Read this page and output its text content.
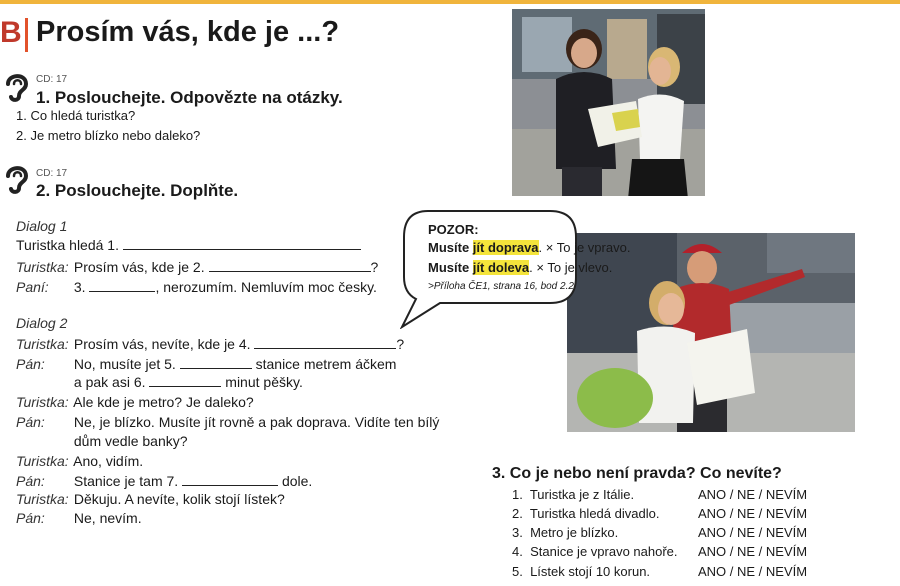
B Prosím vás, kde je ...?
CD: 17
1. Poslouchejte. Odpovězte na otázky.
1. Co hledá turistka?
2. Je metro blízko nebo daleko?
CD: 17
2. Poslouchejte. Doplňte.
Dialog 1
Turistka hledá 1.
Turistka: Prosím vás, kde je 2.	?
Paní: 3.	, nerozumím. Nemluvím moc česky.
Dialog 2
Turistka: Prosím vás, nevíte, kde je 4.	?
Pán: No, musíte jet 5.	stanice metrem áčkem
a pak asi 6.	minut pěšky.
Turistka: Ale kde je metro? Je daleko?
Pán: Ne, je blízko. Musíte jít rovně a pak doprava. Vidíte ten bílý
dům vedle banky?
Turistka: Ano, vidím.
Pán: Stanice je tam 7.	dole.
Turistka: Děkuju. A nevíte, kolik stojí lístek?
Pán: Ne, nevím.
POZOR:
Musíte jít doprava. × To je vpravo.
Musíte jít doleva. × To je vlevo.
>Příloha ČE1, strana 16, bod 2.2
3. Co je nebo není pravda? Co nevíte?
1. Turistka je z Itálie.	ANO / NE / NEVÍM
2. Turistka hledá divadlo.	ANO / NE / NEVÍM
3. Metro je blízko.	ANO / NE / NEVÍM
4. Stanice je vpravo nahoře. ANO / NE / NEVÍM
5. Lístek stojí 10 korun.	ANO / NE / NEVÍM
